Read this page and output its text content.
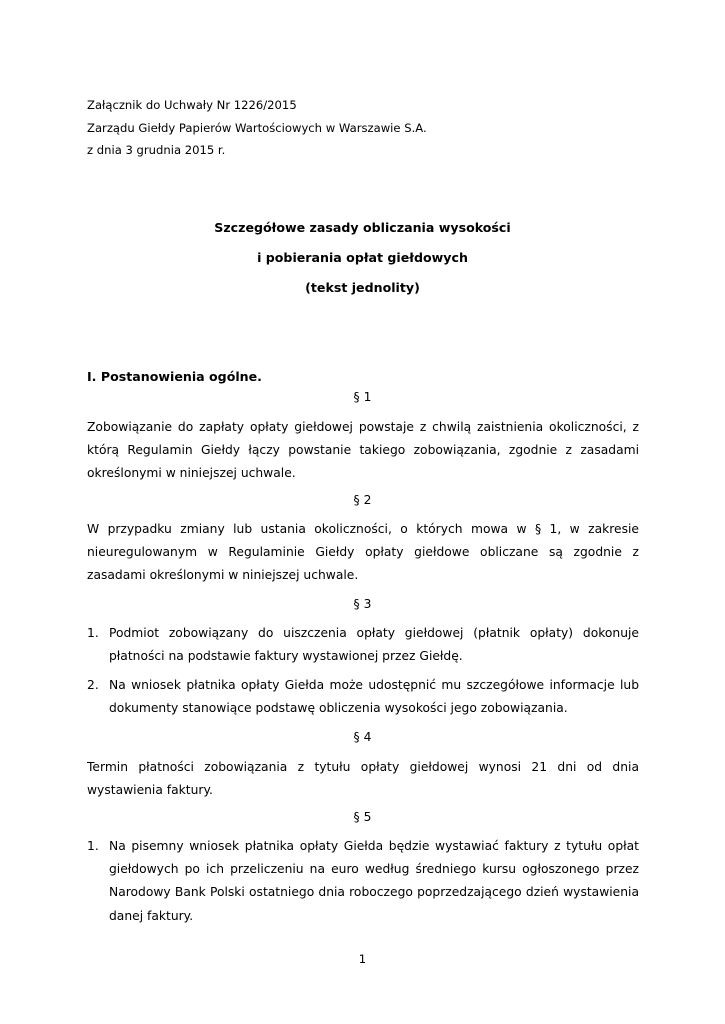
Załącznik do Uchwały Nr 1226/2015
Zarządu Giełdy Papierów Wartościowych w Warszawie S.A.
z dnia 3 grudnia 2015 r.
Szczegółowe zasady obliczania wysokości
i pobierania opłat giełdowych
(tekst jednolity)
I. Postanowienia ogólne.
§ 1
Zobowiązanie do zapłaty opłaty giełdowej powstaje z chwilą zaistnienia okoliczności, z którą Regulamin Giełdy łączy powstanie takiego zobowiązania, zgodnie z zasadami określonymi w niniejszej uchwale.
§ 2
W przypadku zmiany lub ustania okoliczności, o których mowa w § 1, w zakresie nieuregulowanym w Regulaminie Giełdy opłaty giełdowe obliczane są zgodnie z zasadami określonymi w niniejszej uchwale.
§ 3
1. Podmiot zobowiązany do uiszczenia opłaty giełdowej (płatnik opłaty) dokonuje płatności na podstawie faktury wystawionej przez Giełdę.
2. Na wniosek płatnika opłaty Giełda może udostępnić mu szczegółowe informacje lub dokumenty stanowiące podstawę obliczenia wysokości jego zobowiązania.
§ 4
Termin płatności zobowiązania z tytułu opłaty giełdowej wynosi 21 dni od dnia wystawienia faktury.
§ 5
1. Na pisemny wniosek płatnika opłaty Giełda będzie wystawiać faktury z tytułu opłat giełdowych po ich przeliczeniu na euro według średniego kursu ogłoszonego przez Narodowy Bank Polski ostatniego dnia roboczego poprzedzającego dzień wystawienia danej faktury.
1
